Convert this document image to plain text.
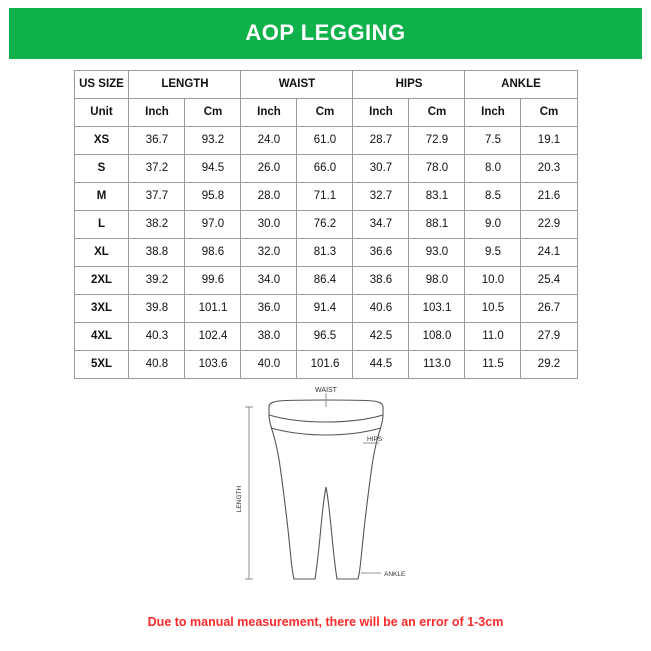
AOP LEGGING
US SIZE	LENGTH		WAIST		HIPS		ANKLE	
Unit	Inch	Cm	Inch	Cm	Inch	Cm	Inch	Cm
XS	36.7	93.2	24.0	61.0	28.7	72.9	7.5	19.1
S	37.2	94.5	26.0	66.0	30.7	78.0	8.0	20.3
M	37.7	95.8	28.0	71.1	32.7	83.1	8.5	21.6
L	38.2	97.0	30.0	76.2	34.7	88.1	9.0	22.9
XL	38.8	98.6	32.0	81.3	36.6	93.0	9.5	24.1
2XL	39.2	99.6	34.0	86.4	38.6	98.0	10.0	25.4
3XL	39.8	101.1	36.0	91.4	40.6	103.1	10.5	26.7
4XL	40.3	102.4	38.0	96.5	42.5	108.0	11.0	27.9
5XL	40.8	103.6	40.0	101.6	44.5	113.0	11.5	29.2
WAIST
HIPS
LENGTH
ANKLE
Due to manual measurement, there will be an error of 1-3cm
